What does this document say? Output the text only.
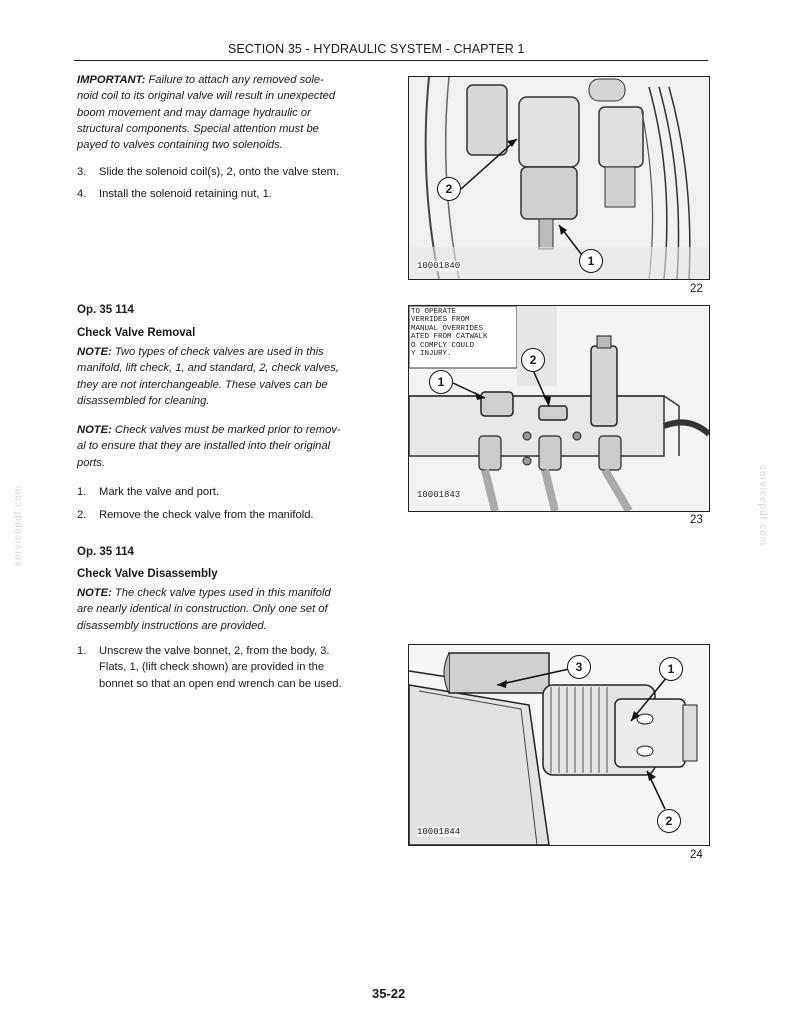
SECTION 35 - HYDRAULIC SYSTEM - CHAPTER 1
servicepdf.com	servicepdf.com
IMPORTANT: Failure to attach any removed sole-
noid coil to its original valve will result in unexpected
boom movement and may damage hydraulic or
structural components. Special attention must be
payed to valves containing two solenoids.
3.	Slide the solenoid coil(s), 2, onto the valve stem.
4.	Install the solenoid retaining nut, 1.
Op. 35 114
Check Valve Removal
NOTE: Two types of check valves are used in this
manifold, lift check, 1, and standard, 2, check valves,
they are not interchangeable. These valves can be
disassembled for cleaning.
NOTE: Check valves must be marked prior to remov-
al to ensure that they are installed into their original
ports.
1.	Mark the valve and port.
2.	Remove the check valve from the manifold.
Op. 35 114
Check Valve Disassembly
NOTE: The check valve types used in this manifold
are nearly identical in construction. Only one set of
disassembly instructions are provided.
1.	Unscrew the valve bonnet, 2, from the body, 3.
Flats, 1, (lift check shown) are provided in the
bonnet so that an open end wrench can be used.
2
1
10001840
22
TO OPERATE
VERRIDES FROM
MANUAL OVERRIDES
ATED FROM CATWALK
O COMPLY COULD
Y INJURY.
1
2
10001843
23
3	1
2
10001844
24
35-22
